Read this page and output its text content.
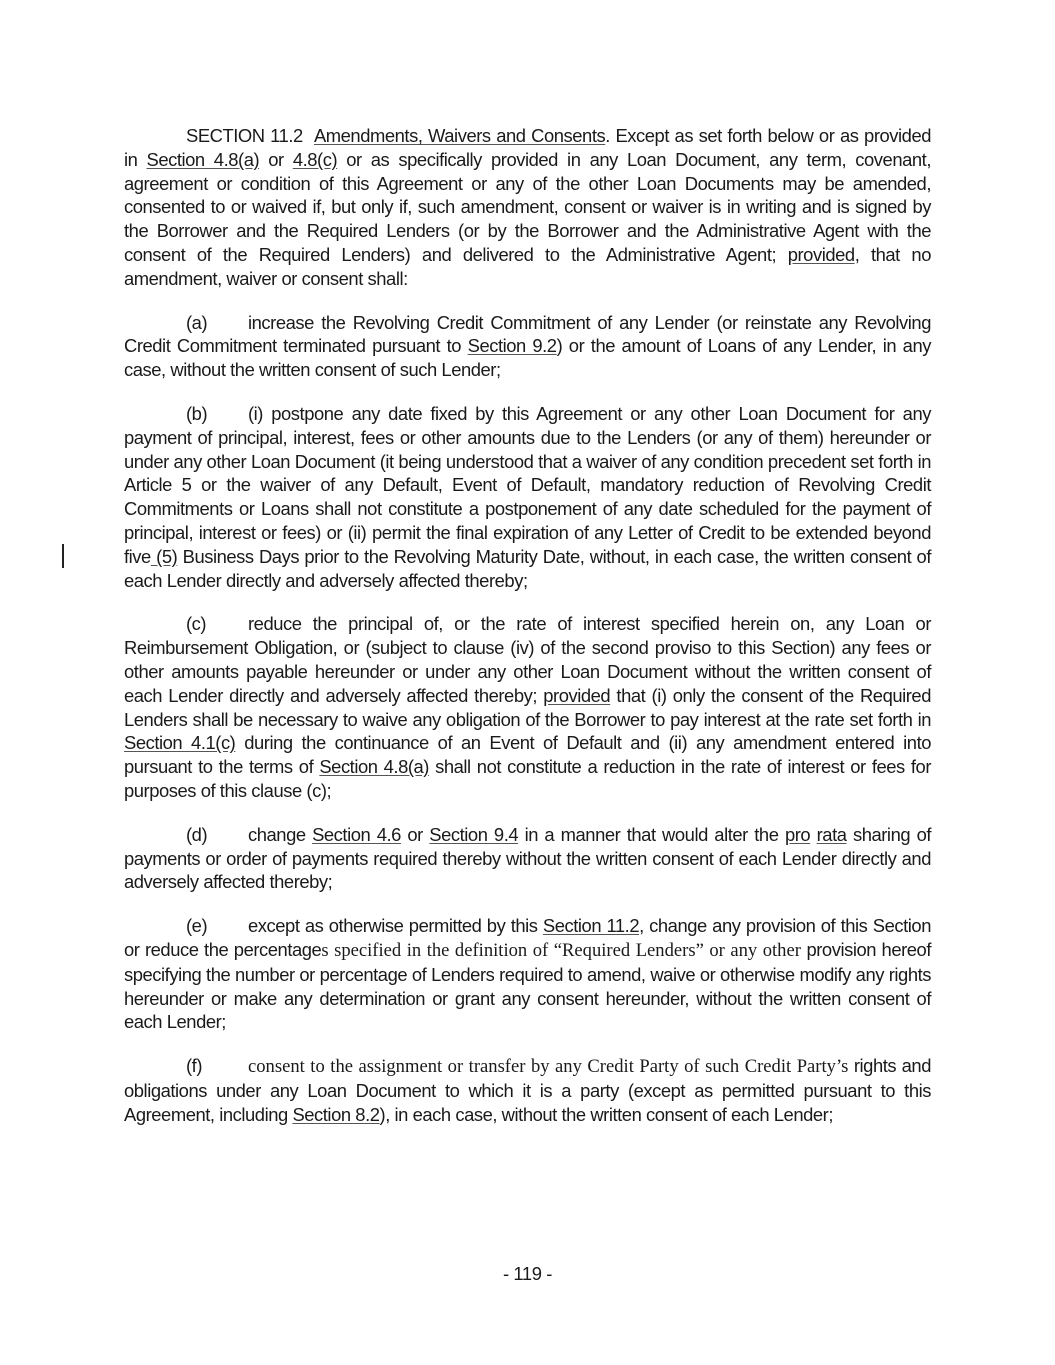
SECTION 11.2 Amendments, Waivers and Consents. Except as set forth below or as provided in Section 4.8(a) or 4.8(c) or as specifically provided in any Loan Document, any term, covenant, agreement or condition of this Agreement or any of the other Loan Documents may be amended, consented to or waived if, but only if, such amendment, consent or waiver is in writing and is signed by the Borrower and the Required Lenders (or by the Borrower and the Administrative Agent with the consent of the Required Lenders) and delivered to the Administrative Agent; provided, that no amendment, waiver or consent shall:

(a) increase the Revolving Credit Commitment of any Lender (or reinstate any Revolving Credit Commitment terminated pursuant to Section 9.2) or the amount of Loans of any Lender, in any case, without the written consent of such Lender;

(b) (i) postpone any date fixed by this Agreement or any other Loan Document for any payment of principal, interest, fees or other amounts due to the Lenders (or any of them) hereunder or under any other Loan Document (it being understood that a waiver of any condition precedent set forth in Article 5 or the waiver of any Default, Event of Default, mandatory reduction of Revolving Credit Commitments or Loans shall not constitute a postponement of any date scheduled for the payment of principal, interest or fees) or (ii) permit the final expiration of any Letter of Credit to be extended beyond five (5) Business Days prior to the Revolving Maturity Date, without, in each case, the written consent of each Lender directly and adversely affected thereby;

(c) reduce the principal of, or the rate of interest specified herein on, any Loan or Reimbursement Obligation, or (subject to clause (iv) of the second proviso to this Section) any fees or other amounts payable hereunder or under any other Loan Document without the written consent of each Lender directly and adversely affected thereby; provided that (i) only the consent of the Required Lenders shall be necessary to waive any obligation of the Borrower to pay interest at the rate set forth in Section 4.1(c) during the continuance of an Event of Default and (ii) any amendment entered into pursuant to the terms of Section 4.8(a) shall not constitute a reduction in the rate of interest or fees for purposes of this clause (c);

(d) change Section 4.6 or Section 9.4 in a manner that would alter the pro rata sharing of payments or order of payments required thereby without the written consent of each Lender directly and adversely affected thereby;

(e) except as otherwise permitted by this Section 11.2, change any provision of this Section or reduce the percentages specified in the definition of “Required Lenders” or any other provision hereof specifying the number or percentage of Lenders required to amend, waive or otherwise modify any rights hereunder or make any determination or grant any consent hereunder, without the written consent of each Lender;

(f) consent to the assignment or transfer by any Credit Party of such Credit Party’s rights and obligations under any Loan Document to which it is a party (except as permitted pursuant to this Agreement, including Section 8.2), in each case, without the written consent of each Lender;

- 119 -
